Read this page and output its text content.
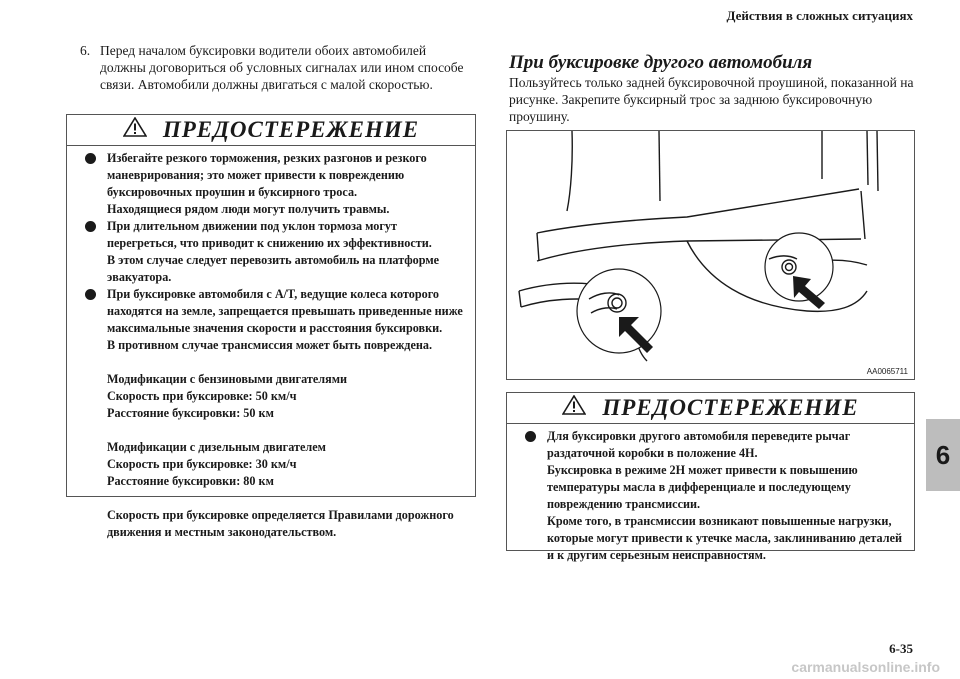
Действия в сложных ситуациях
6. Перед началом буксировки водители обоих автомобилей должны договориться об условных сигналах или ином способе связи. Автомобили должны двигаться с малой скоростью.
ПРЕДОСТЕРЕЖЕНИЕ

Избегайте резкого торможения, резких разгонов и резкого маневрирования; это может привести к повреждению буксировочных проушин и буксирного троса.

Находящиеся рядом люди могут получить травмы.

При длительном движении под уклон тормоза могут перегреться, что приводит к снижению их эффективности.

В этом случае следует перевозить автомобиль на платформе эвакуатора.

При буксировке автомобиля с A/T, ведущие колеса которого находятся на земле, запрещается превышать приведенные ниже максимальные значения скорости и расстояния буксировки.

В противном случае трансмиссия может быть повреждена.

Модификации с бензиновыми двигателями

Скорость при буксировке: 50 км/ч

Расстояние буксировки: 50 км

Модификации с дизельным двигателем

Скорость при буксировке: 30 км/ч

Расстояние буксировки: 80 км

Скорость при буксировке определяется Правилами дорожного движения и местным законодательством.

При буксировке другого автомобиля
Пользуйтесь только задней буксировочной проушиной, показанной на рисунке. Закрепите буксирный трос за заднюю буксировочную проушину.
AA0065711
ПРЕДОСТЕРЕЖЕНИЕ

Для буксировки другого автомобиля переведите рычаг раздаточной коробки в положение 4H.

Буксировка в режиме 2H может привести к повышению температуры масла в дифференциале и последующему повреждению трансмиссии.

Кроме того, в трансмиссии возникают повышенные нагрузки, которые могут привести к утечке масла, заклиниванию деталей и к другим серьезным неисправностям.

6
6-35
carmanualsonline.info
